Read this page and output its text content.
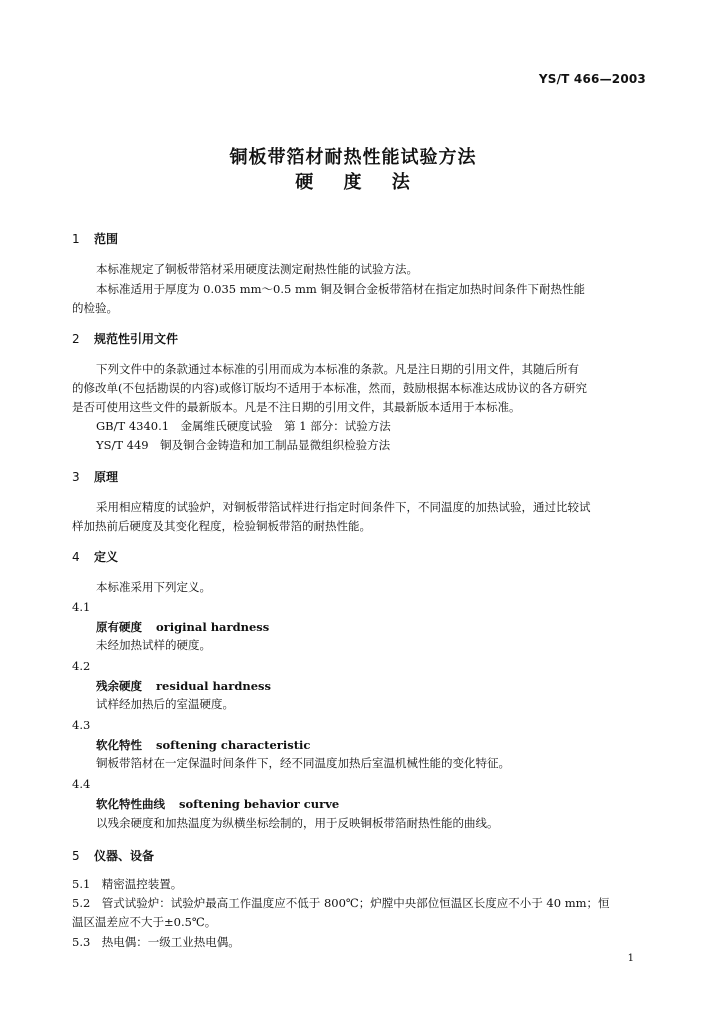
YS/T 466—2003
铜板带箔材耐热性能试验方法
硬 度 法
1 范围
本标准规定了铜板带箔材采用硬度法测定耐热性能的试验方法。
本标准适用于厚度为 0.035 mm～0.5 mm 铜及铜合金板带箔材在指定加热时间条件下耐热性能
的检验。
2 规范性引用文件
下列文件中的条款通过本标准的引用而成为本标准的条款。凡是注日期的引用文件，其随后所有
的修改单(不包括勘误的内容)或修订版均不适用于本标准，然而，鼓励根据本标准达成协议的各方研究
是否可使用这些文件的最新版本。凡是不注日期的引用文件，其最新版本适用于本标准。
GB/T 4340.1　金属维氏硬度试验　第 1 部分：试验方法
YS/T 449　铜及铜合金铸造和加工制品显微组织检验方法
3 原理
采用相应精度的试验炉，对铜板带箔试样进行指定时间条件下，不同温度的加热试验，通过比较试
样加热前后硬度及其变化程度，检验铜板带箔的耐热性能。
4 定义
本标准采用下列定义。
4.1
原有硬度 original hardness
未经加热试样的硬度。
4.2
残余硬度 residual hardness
试样经加热后的室温硬度。
4.3
软化特性 softening characteristic
铜板带箔材在一定保温时间条件下，经不同温度加热后室温机械性能的变化特征。
4.4
软化特性曲线 softening behavior curve
以残余硬度和加热温度为纵横坐标绘制的，用于反映铜板带箔耐热性能的曲线。
5 仪器、设备
5.1　精密温控装置。
5.2　管式试验炉：试验炉最高工作温度应不低于 800℃；炉膛中央部位恒温区长度应不小于 40 mm；恒
温区温差应不大于±0.5℃。
5.3　热电偶：一级工业热电偶。
1
